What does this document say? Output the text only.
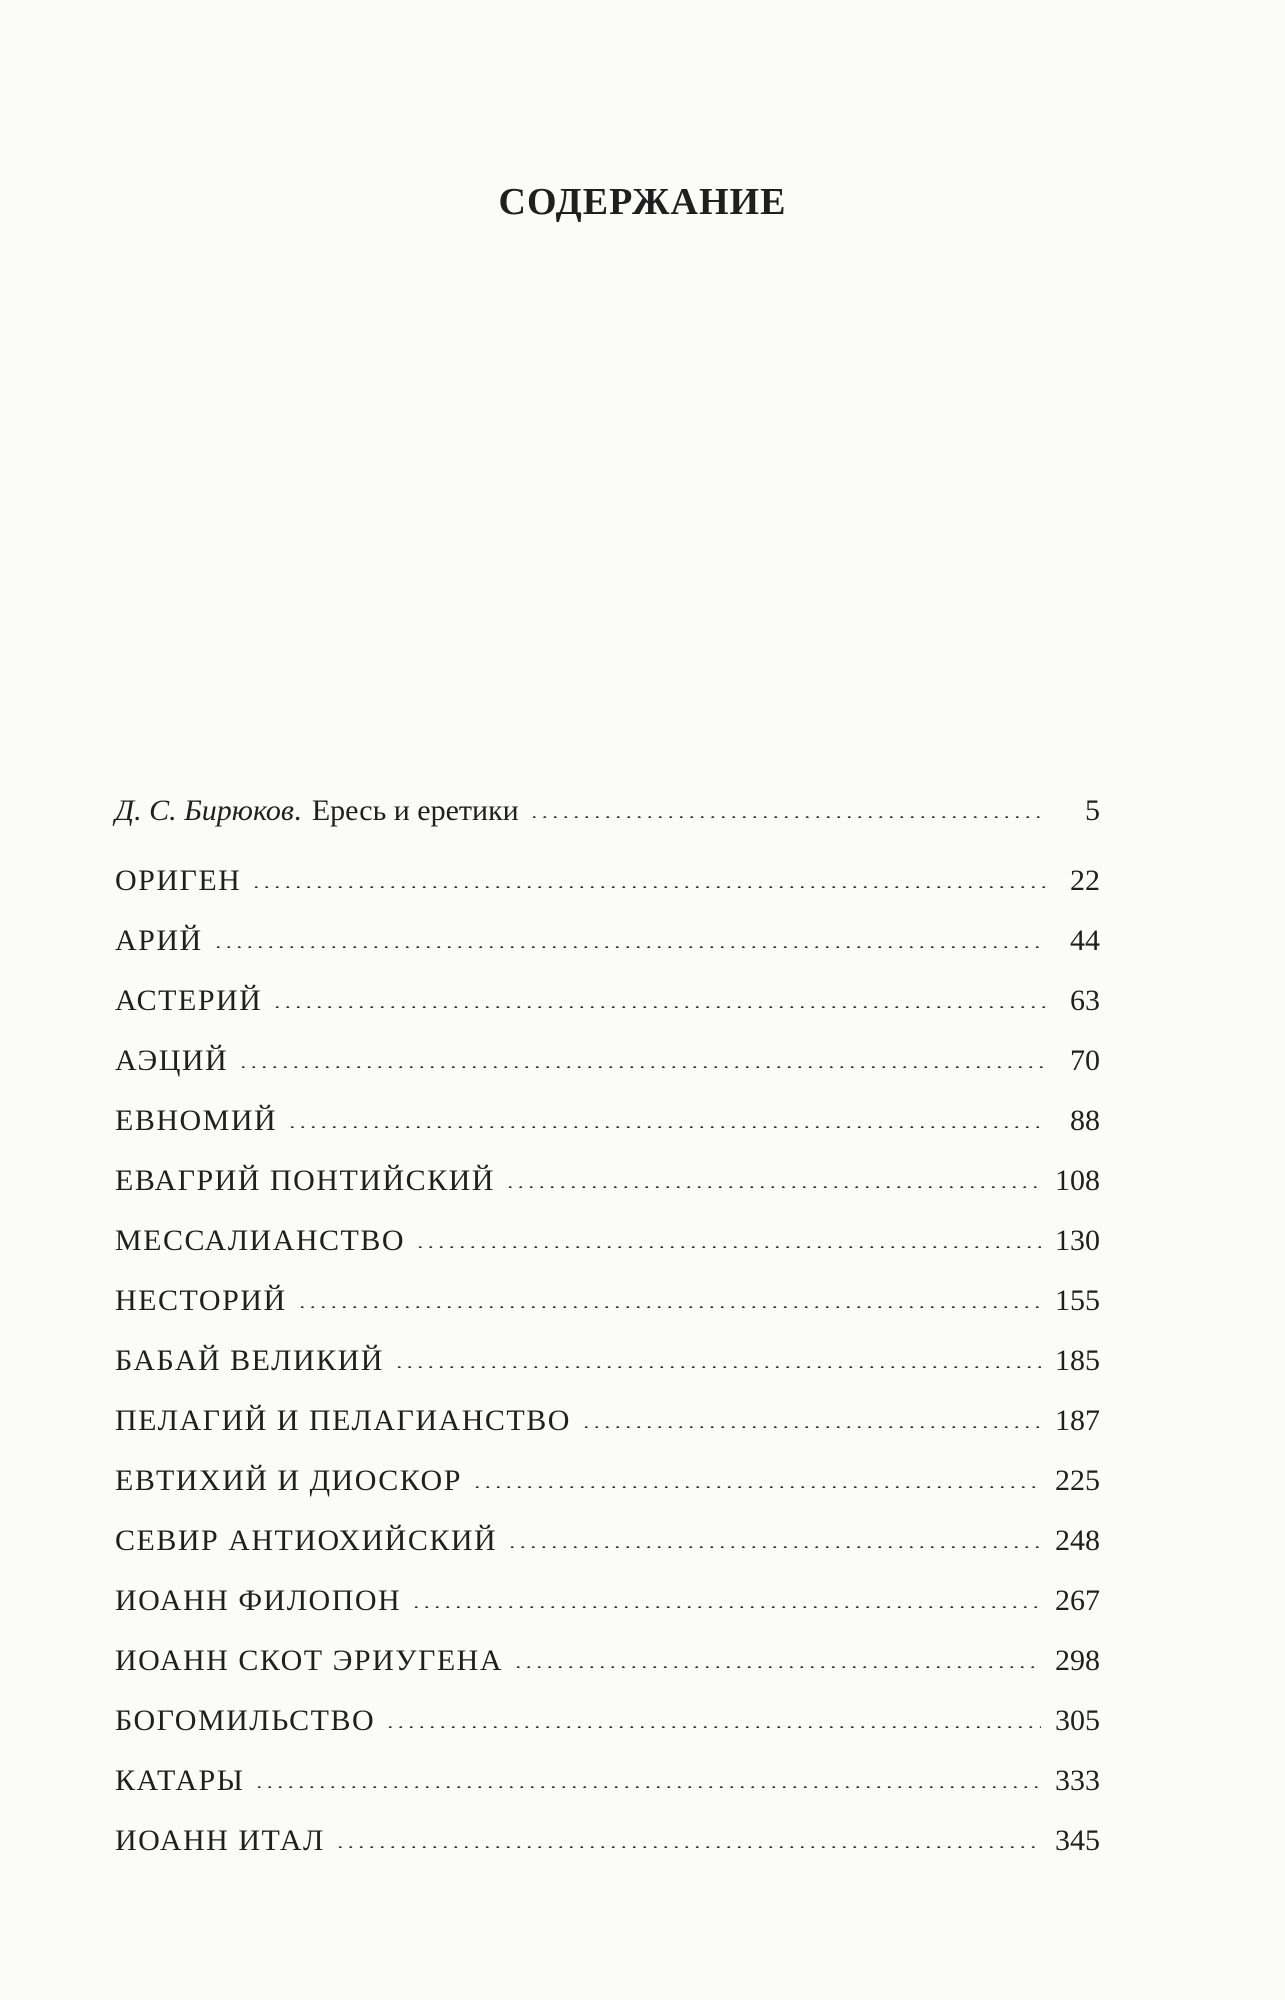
СОДЕРЖАНИЕ
Д. С. Бирюков. Ересь и еретики	5
ОРИГЕН	22
АРИЙ	44
АСТЕРИЙ	63
АЭЦИЙ	70
ЕВНОМИЙ	88
ЕВАГРИЙ ПОНТИЙСКИЙ	108
МЕССАЛИАНСТВО	130
НЕСТОРИЙ	155
БАБАЙ ВЕЛИКИЙ	185
ПЕЛАГИЙ И ПЕЛАГИАНСТВО	187
ЕВТИХИЙ И ДИОСКОР	225
СЕВИР АНТИОХИЙСКИЙ	248
ИОАНН ФИЛОПОН	267
ИОАНН СКОТ ЭРИУГЕНА	298
БОГОМИЛЬСТВО	305
КАТАРЫ	333
ИОАНН ИТАЛ	345
